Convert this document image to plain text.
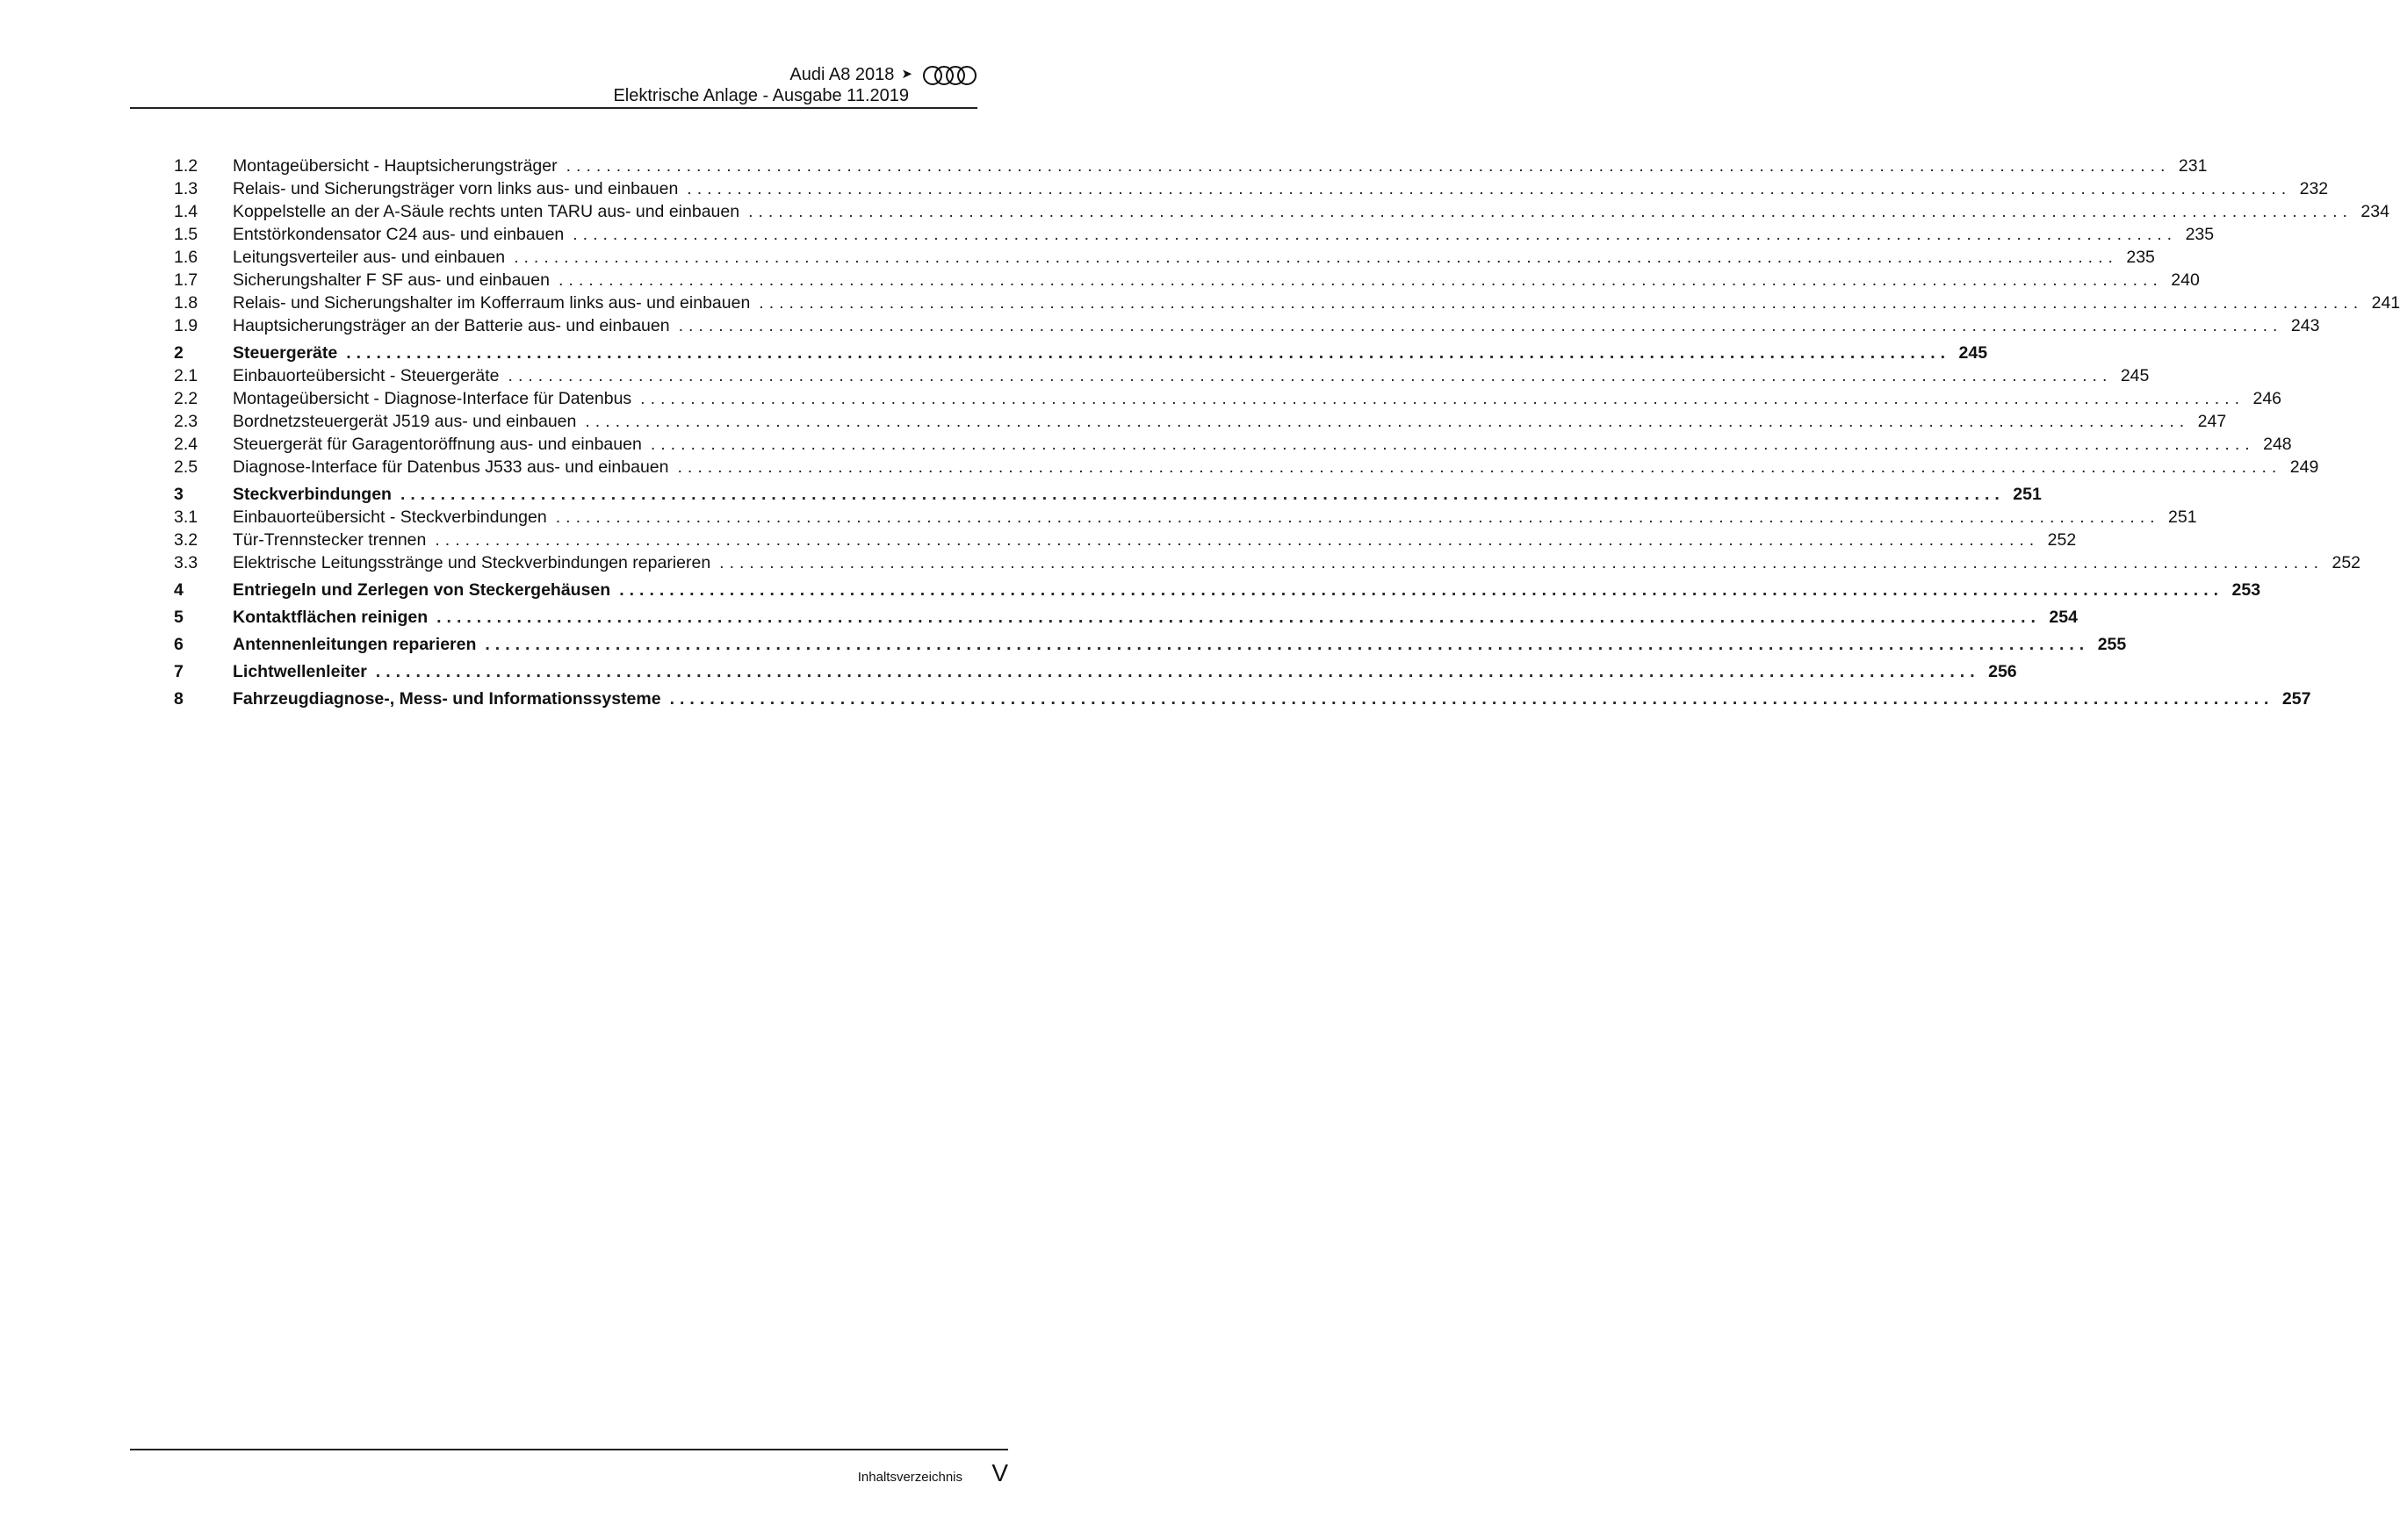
Audi A8 2018 ➤
Elektrische Anlage - Ausgabe 11.2019
1.2	Montageübersicht - Hauptsicherungsträger ................................................................................................................................................................ 231
1.3	Relais- und Sicherungsträger vorn links aus- und einbauen ................................................................................................................................................................ 232
1.4	Koppelstelle an der A-Säule rechts unten TARU aus- und einbauen ................................................................................................................................................................ 234
1.5	Entstörkondensator C24 aus- und einbauen ................................................................................................................................................................ 235
1.6	Leitungsverteiler aus- und einbauen ................................................................................................................................................................ 235
1.7	Sicherungshalter F SF aus- und einbauen ................................................................................................................................................................ 240
1.8	Relais- und Sicherungshalter im Kofferraum links aus- und einbauen ................................................................................................................................................................ 241
1.9	Hauptsicherungsträger an der Batterie aus- und einbauen ................................................................................................................................................................ 243
2	Steuergeräte ................................................................................................................................................................ 245
2.1	Einbauorteübersicht - Steuergeräte ................................................................................................................................................................ 245
2.2	Montageübersicht - Diagnose-Interface für Datenbus ................................................................................................................................................................ 246
2.3	Bordnetzsteuergerät J519 aus- und einbauen ................................................................................................................................................................ 247
2.4	Steuergerät für Garagentoröffnung aus- und einbauen ................................................................................................................................................................ 248
2.5	Diagnose-Interface für Datenbus J533 aus- und einbauen ................................................................................................................................................................ 249
3	Steckverbindungen ................................................................................................................................................................ 251
3.1	Einbauorteübersicht - Steckverbindungen ................................................................................................................................................................ 251
3.2	Tür-Trennstecker trennen ................................................................................................................................................................ 252
3.3	Elektrische Leitungsstränge und Steckverbindungen reparieren ................................................................................................................................................................ 252
4	Entriegeln und Zerlegen von Steckergehäusen ................................................................................................................................................................ 253
5	Kontaktflächen reinigen ................................................................................................................................................................ 254
6	Antennenleitungen reparieren ................................................................................................................................................................ 255
7	Lichtwellenleiter ................................................................................................................................................................ 256
8	Fahrzeugdiagnose-, Mess- und Informationssysteme ................................................................................................................................................................ 257
Inhaltsverzeichnis V
